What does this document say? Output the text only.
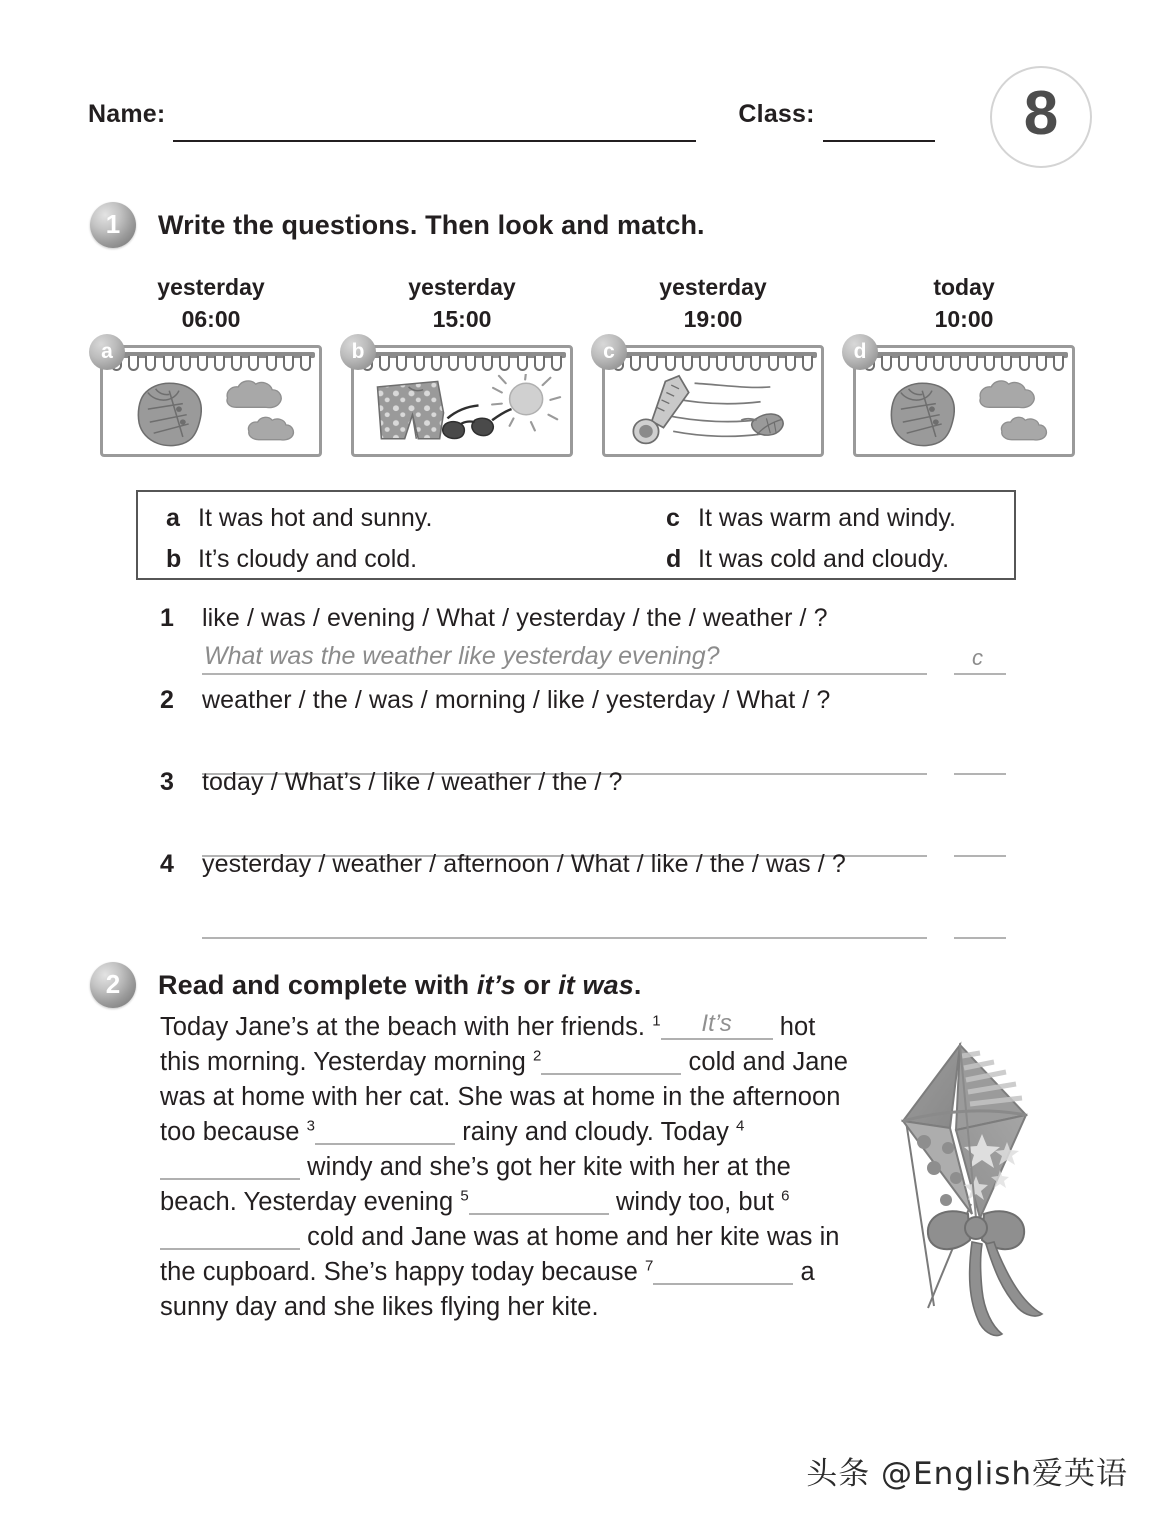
Name:	Class:	8
1 Write the questions. Then look and match.
yesterday
06:00
a
yesterday
15:00
b
yesterday
19:00
c
today
10:00
d
a It was hot and sunny.	c It was warm and windy.
b It’s cloudy and cold.	d It was cold and cloudy.
1	like / was / evening / What / yesterday / the / weather / ?
What was the weather like yesterday evening?	c
2	weather / the / was / morning / like / yesterday / What / ?
3	today / What’s / like / weather / the / ?
4	yesterday / weather / afternoon / What / like / the / was / ?
2 Read and complete with it’s or it was.

Today Jane’s at the beach with her friends. $^1$	It’s	hot this morning. Yesterday morning $^2$	cold and Jane was at home with her cat. She was at home in the afternoon too because $^3$	rainy and cloudy. Today $^4$ windy and she’s got her kite with her at the beach. Yesterday evening $^5$	windy too, but $^6$ cold and Jane was at home and her kite was in the cupboard. She’s happy today because $^7$	a sunny day and she likes flying her kite.

头条 @English爱英语
